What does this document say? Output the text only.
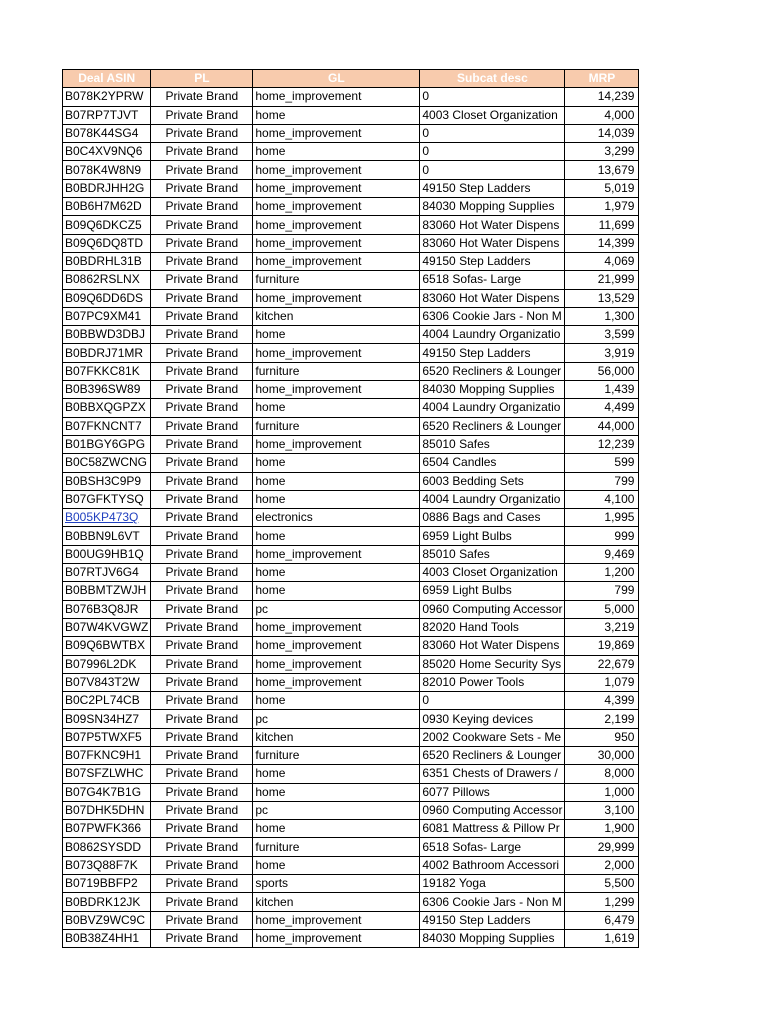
Deal ASIN	PL	GL	Subcat desc	MRP
B078K2YPRW	Private Brand	home_improvement	0	14,239
B07RP7TJVT	Private Brand	home	4003 Closet Organization	4,000
B078K44SG4	Private Brand	home_improvement	0	14,039
B0C4XV9NQ6	Private Brand	home	0	3,299
B078K4W8N9	Private Brand	home_improvement	0	13,679
B0BDRJHH2G	Private Brand	home_improvement	49150 Step Ladders	5,019
B0B6H7M62D	Private Brand	home_improvement	84030 Mopping Supplies	1,979
B09Q6DKCZ5	Private Brand	home_improvement	83060 Hot Water Dispens	11,699
B09Q6DQ8TD	Private Brand	home_improvement	83060 Hot Water Dispens	14,399
B0BDRHL31B	Private Brand	home_improvement	49150 Step Ladders	4,069
B0862RSLNX	Private Brand	furniture	6518 Sofas- Large	21,999
B09Q6DD6DS	Private Brand	home_improvement	83060 Hot Water Dispens	13,529
B07PC9XM41	Private Brand	kitchen	6306 Cookie Jars - Non M	1,300
B0BBWD3DBJ	Private Brand	home	4004 Laundry Organizatio	3,599
B0BDRJ71MR	Private Brand	home_improvement	49150 Step Ladders	3,919
B07FKKC81K	Private Brand	furniture	6520 Recliners & Lounger	56,000
B0B396SW89	Private Brand	home_improvement	84030 Mopping Supplies	1,439
B0BBXQGPZX	Private Brand	home	4004 Laundry Organizatio	4,499
B07FKNCNT7	Private Brand	furniture	6520 Recliners & Lounger	44,000
B01BGY6GPG	Private Brand	home_improvement	85010 Safes	12,239
B0C58ZWCNG	Private Brand	home	6504 Candles	599
B0BSH3C9P9	Private Brand	home	6003 Bedding Sets	799
B07GFKTYSQ	Private Brand	home	4004 Laundry Organizatio	4,100
B005KP473Q	Private Brand	electronics	0886 Bags and Cases	1,995
B0BBN9L6VT	Private Brand	home	6959 Light Bulbs	999
B00UG9HB1Q	Private Brand	home_improvement	85010 Safes	9,469
B07RTJV6G4	Private Brand	home	4003 Closet Organization	1,200
B0BBMTZWJH	Private Brand	home	6959 Light Bulbs	799
B076B3Q8JR	Private Brand	pc	0960 Computing Accessor	5,000
B07W4KVGWZ	Private Brand	home_improvement	82020 Hand Tools	3,219
B09Q6BWTBX	Private Brand	home_improvement	83060 Hot Water Dispens	19,869
B07996L2DK	Private Brand	home_improvement	85020 Home Security Sys	22,679
B07V843T2W	Private Brand	home_improvement	82010 Power Tools	1,079
B0C2PL74CB	Private Brand	home	0	4,399
B09SN34HZ7	Private Brand	pc	0930 Keying devices	2,199
B07P5TWXF5	Private Brand	kitchen	2002 Cookware Sets - Me	950
B07FKNC9H1	Private Brand	furniture	6520 Recliners & Lounger	30,000
B07SFZLWHC	Private Brand	home	6351 Chests of Drawers /	8,000
B07G4K7B1G	Private Brand	home	6077 Pillows	1,000
B07DHK5DHN	Private Brand	pc	0960 Computing Accessor	3,100
B07PWFK366	Private Brand	home	6081 Mattress & Pillow Pr	1,900
B0862SYSDD	Private Brand	furniture	6518 Sofas- Large	29,999
B073Q88F7K	Private Brand	home	4002 Bathroom Accessori	2,000
B0719BBFP2	Private Brand	sports	19182 Yoga	5,500
B0BDRK12JK	Private Brand	kitchen	6306 Cookie Jars - Non M	1,299
B0BVZ9WC9C	Private Brand	home_improvement	49150 Step Ladders	6,479
B0B38Z4HH1	Private Brand	home_improvement	84030 Mopping Supplies	1,619
